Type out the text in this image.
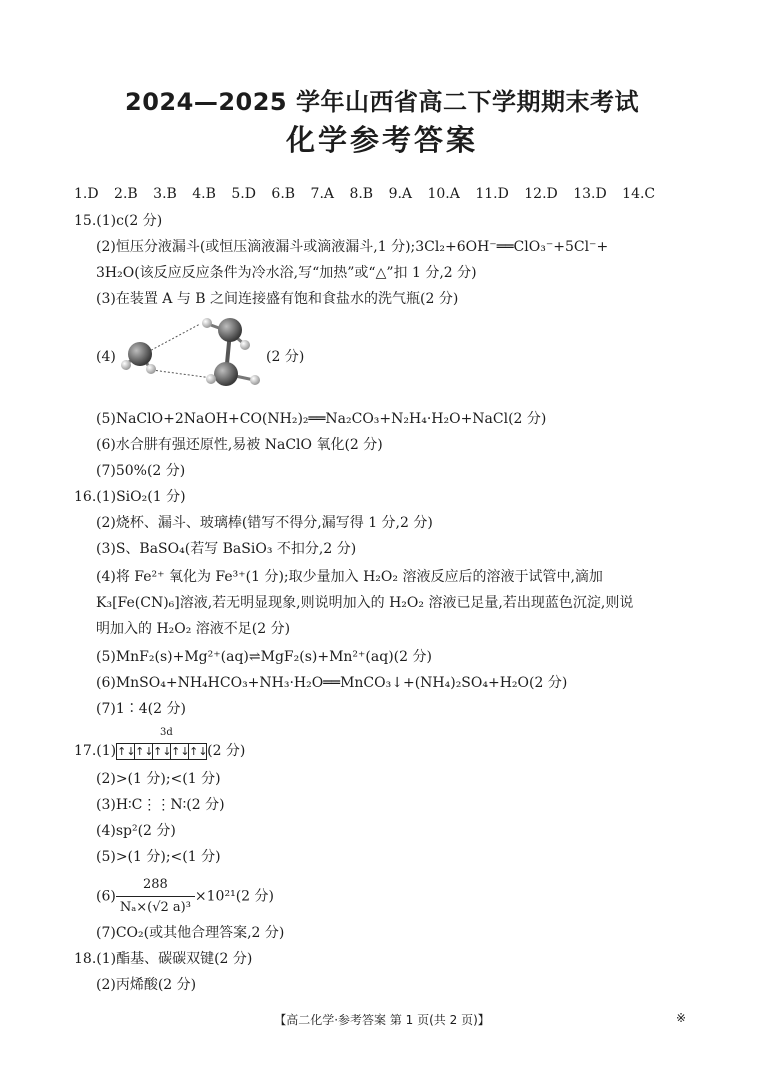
2024—2025 学年山西省高二下学期期末考试
化学参考答案
1.D 2.B 3.B 4.B 5.D 6.B 7.A 8.B 9.A 10.A 11.D 12.D 13.D 14.C
15.(1)c(2 分)
(2)恒压分液漏斗(或恒压滴液漏斗或滴液漏斗,1 分);3Cl₂+6OH⁻══ClO₃⁻+5Cl⁻+
3H₂O(该反应反应条件为冷水浴,写“加热”或“△”扣 1 分,2 分)
(3)在装置 A 与 B 之间连接盛有饱和食盐水的洗气瓶(2 分)
(4)	(2 分)
(5)NaClO+2NaOH+CO(NH₂)₂══Na₂CO₃+N₂H₄·H₂O+NaCl(2 分)
(6)水合肼有强还原性,易被 NaClO 氧化(2 分)
(7)50%(2 分)
16.(1)SiO₂(1 分)
(2)烧杯、漏斗、玻璃棒(错写不得分,漏写得 1 分,2 分)
(3)S、BaSO₄(若写 BaSiO₃ 不扣分,2 分)
(4)将 Fe²⁺ 氧化为 Fe³⁺(1 分);取少量加入 H₂O₂ 溶液反应后的溶液于试管中,滴加
K₃[Fe(CN)₆]溶液,若无明显现象,则说明加入的 H₂O₂ 溶液已足量,若出现蓝色沉淀,则说
明加入的 H₂O₂ 溶液不足(2 分)
(5)MnF₂(s)+Mg²⁺(aq)⇌MgF₂(s)+Mn²⁺(aq)(2 分)
(6)MnSO₄+NH₄HCO₃+NH₃·H₂O══MnCO₃↓+(NH₄)₂SO₄+H₂O(2 分)
(7)1∶4(2 分)
3d
17.(1) ↑↓ ↑↓ ↑↓ ↑↓ ↑↓ (2 分)
(2)>(1 分);<(1 分)
(3)H∶C⋮⋮N∶(2 分)
(4)sp²(2 分)
(5)>(1 分);<(1 分)
$(6) \frac{288}{\text{Nₐ×(√2 a)³}} \times 10^{21}(2$ 分)
(7)CO₂(或其他合理答案,2 分)
18.(1)酯基、碳碳双键(2 分)
(2)丙烯酸(2 分)
【高二化学·参考答案 第 1 页(共 2 页)】	※
